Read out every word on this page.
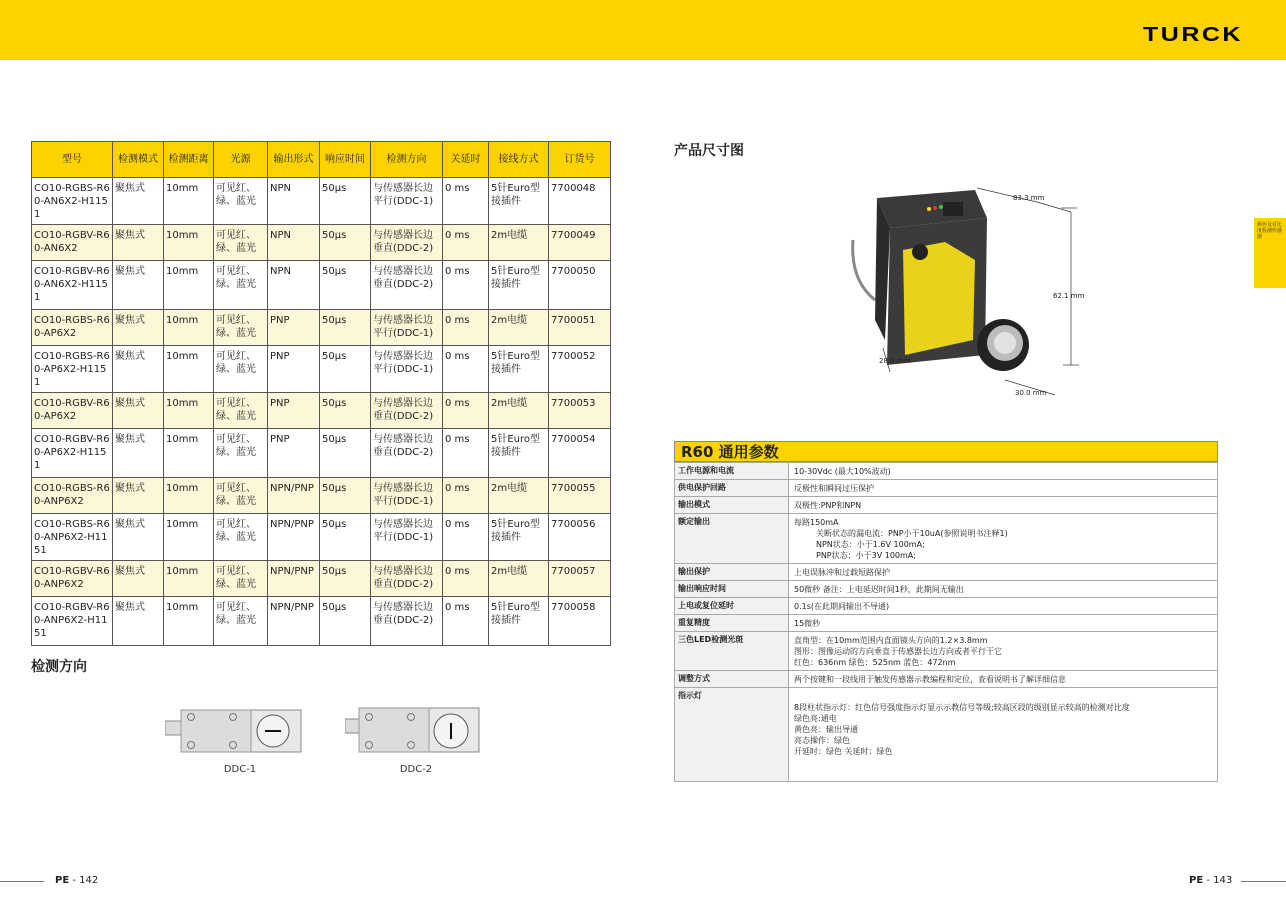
TURCK
型号	检测模式	检测距离	光源	输出形式	响应时间	检测方向	关延时	接线方式	订货号
CO10-RGBS-R60-AN6X2-H1151	聚焦式	10mm	可见红、绿、蓝光	NPN	50µs	与传感器长边平行(DDC-1)	0 ms	5针Euro型接插件	7700048
CO10-RGBV-R60-AN6X2	聚焦式	10mm	可见红、绿、蓝光	NPN	50µs	与传感器长边垂直(DDC-2)	0 ms	2m电缆	7700049
CO10-RGBV-R60-AN6X2-H1151	聚焦式	10mm	可见红、绿、蓝光	NPN	50µs	与传感器长边垂直(DDC-2)	0 ms	5针Euro型接插件	7700050
CO10-RGBS-R60-AP6X2	聚焦式	10mm	可见红、绿、蓝光	PNP	50µs	与传感器长边平行(DDC-1)	0 ms	2m电缆	7700051
CO10-RGBS-R60-AP6X2-H1151	聚焦式	10mm	可见红、绿、蓝光	PNP	50µs	与传感器长边平行(DDC-1)	0 ms	5针Euro型接插件	7700052
CO10-RGBV-R60-AP6X2	聚焦式	10mm	可见红、绿、蓝光	PNP	50µs	与传感器长边垂直(DDC-2)	0 ms	2m电缆	7700053
CO10-RGBV-R60-AP6X2-H1151	聚焦式	10mm	可见红、绿、蓝光	PNP	50µs	与传感器长边垂直(DDC-2)	0 ms	5针Euro型接插件	7700054
CO10-RGBS-R60-ANP6X2	聚焦式	10mm	可见红、绿、蓝光	NPN/PNP	50µs	与传感器长边平行(DDC-1)	0 ms	2m电缆	7700055
CO10-RGBS-R60-ANP6X2-H1151	聚焦式	10mm	可见红、绿、蓝光	NPN/PNP	50µs	与传感器长边平行(DDC-1)	0 ms	5针Euro型接插件	7700056
CO10-RGBV-R60-ANP6X2	聚焦式	10mm	可见红、绿、蓝光	NPN/PNP	50µs	与传感器长边垂直(DDC-2)	0 ms	2m电缆	7700057
CO10-RGBV-R60-ANP6X2-H1151	聚焦式	10mm	可见红、绿、蓝光	NPN/PNP	50µs	与传感器长边垂直(DDC-2)	0 ms	5针Euro型接插件	7700058
检测方向
DDC-1	DDC-2
产品尺寸图
83.3 mm
62.1 mm
28.0 mm
30.0 mm
R60 通用参数
工作电源和电流	10-30Vdc (最大10%波动)

供电保护回路	反极性和瞬间过压保护

输出模式	双极性:PNP和NPN

额定输出	每路150mA
关断状态的漏电流：PNP小于10uA(参照说明书注释1)
NPN状态：小于1.6V 100mA;
PNP状态：小于3V 100mA;

输出保护	上电误脉冲和过载短路保护

输出响应时间	50微秒 备注：上电延迟时间1秒，此期间无输出

上电或复位延时	0.1s(在此期间输出不导通)

重复精度	15微秒

三色LED检测光斑	直角型：在10mm范围内直面镜头方向的1.2×3.8mm
图形：图像运动的方向垂直于传感器长边方向或者平行于它
红色：636nm 绿色：525nm 蓝色：472nm

调整方式	两个按键和一段线用于触发传感器示教编程和定位，查看说明书了解详细信息

指示灯	8段柱状指示灯：红色信号强度指示灯显示示教信号等级;较高区段的级别显示较高的检测对比度
绿色亮:通电
黄色亮：输出导通
亮态操作：绿色
开延时：绿色 关延时：绿色
颜色及对比度检测传感器
PE - 142	PE - 143
